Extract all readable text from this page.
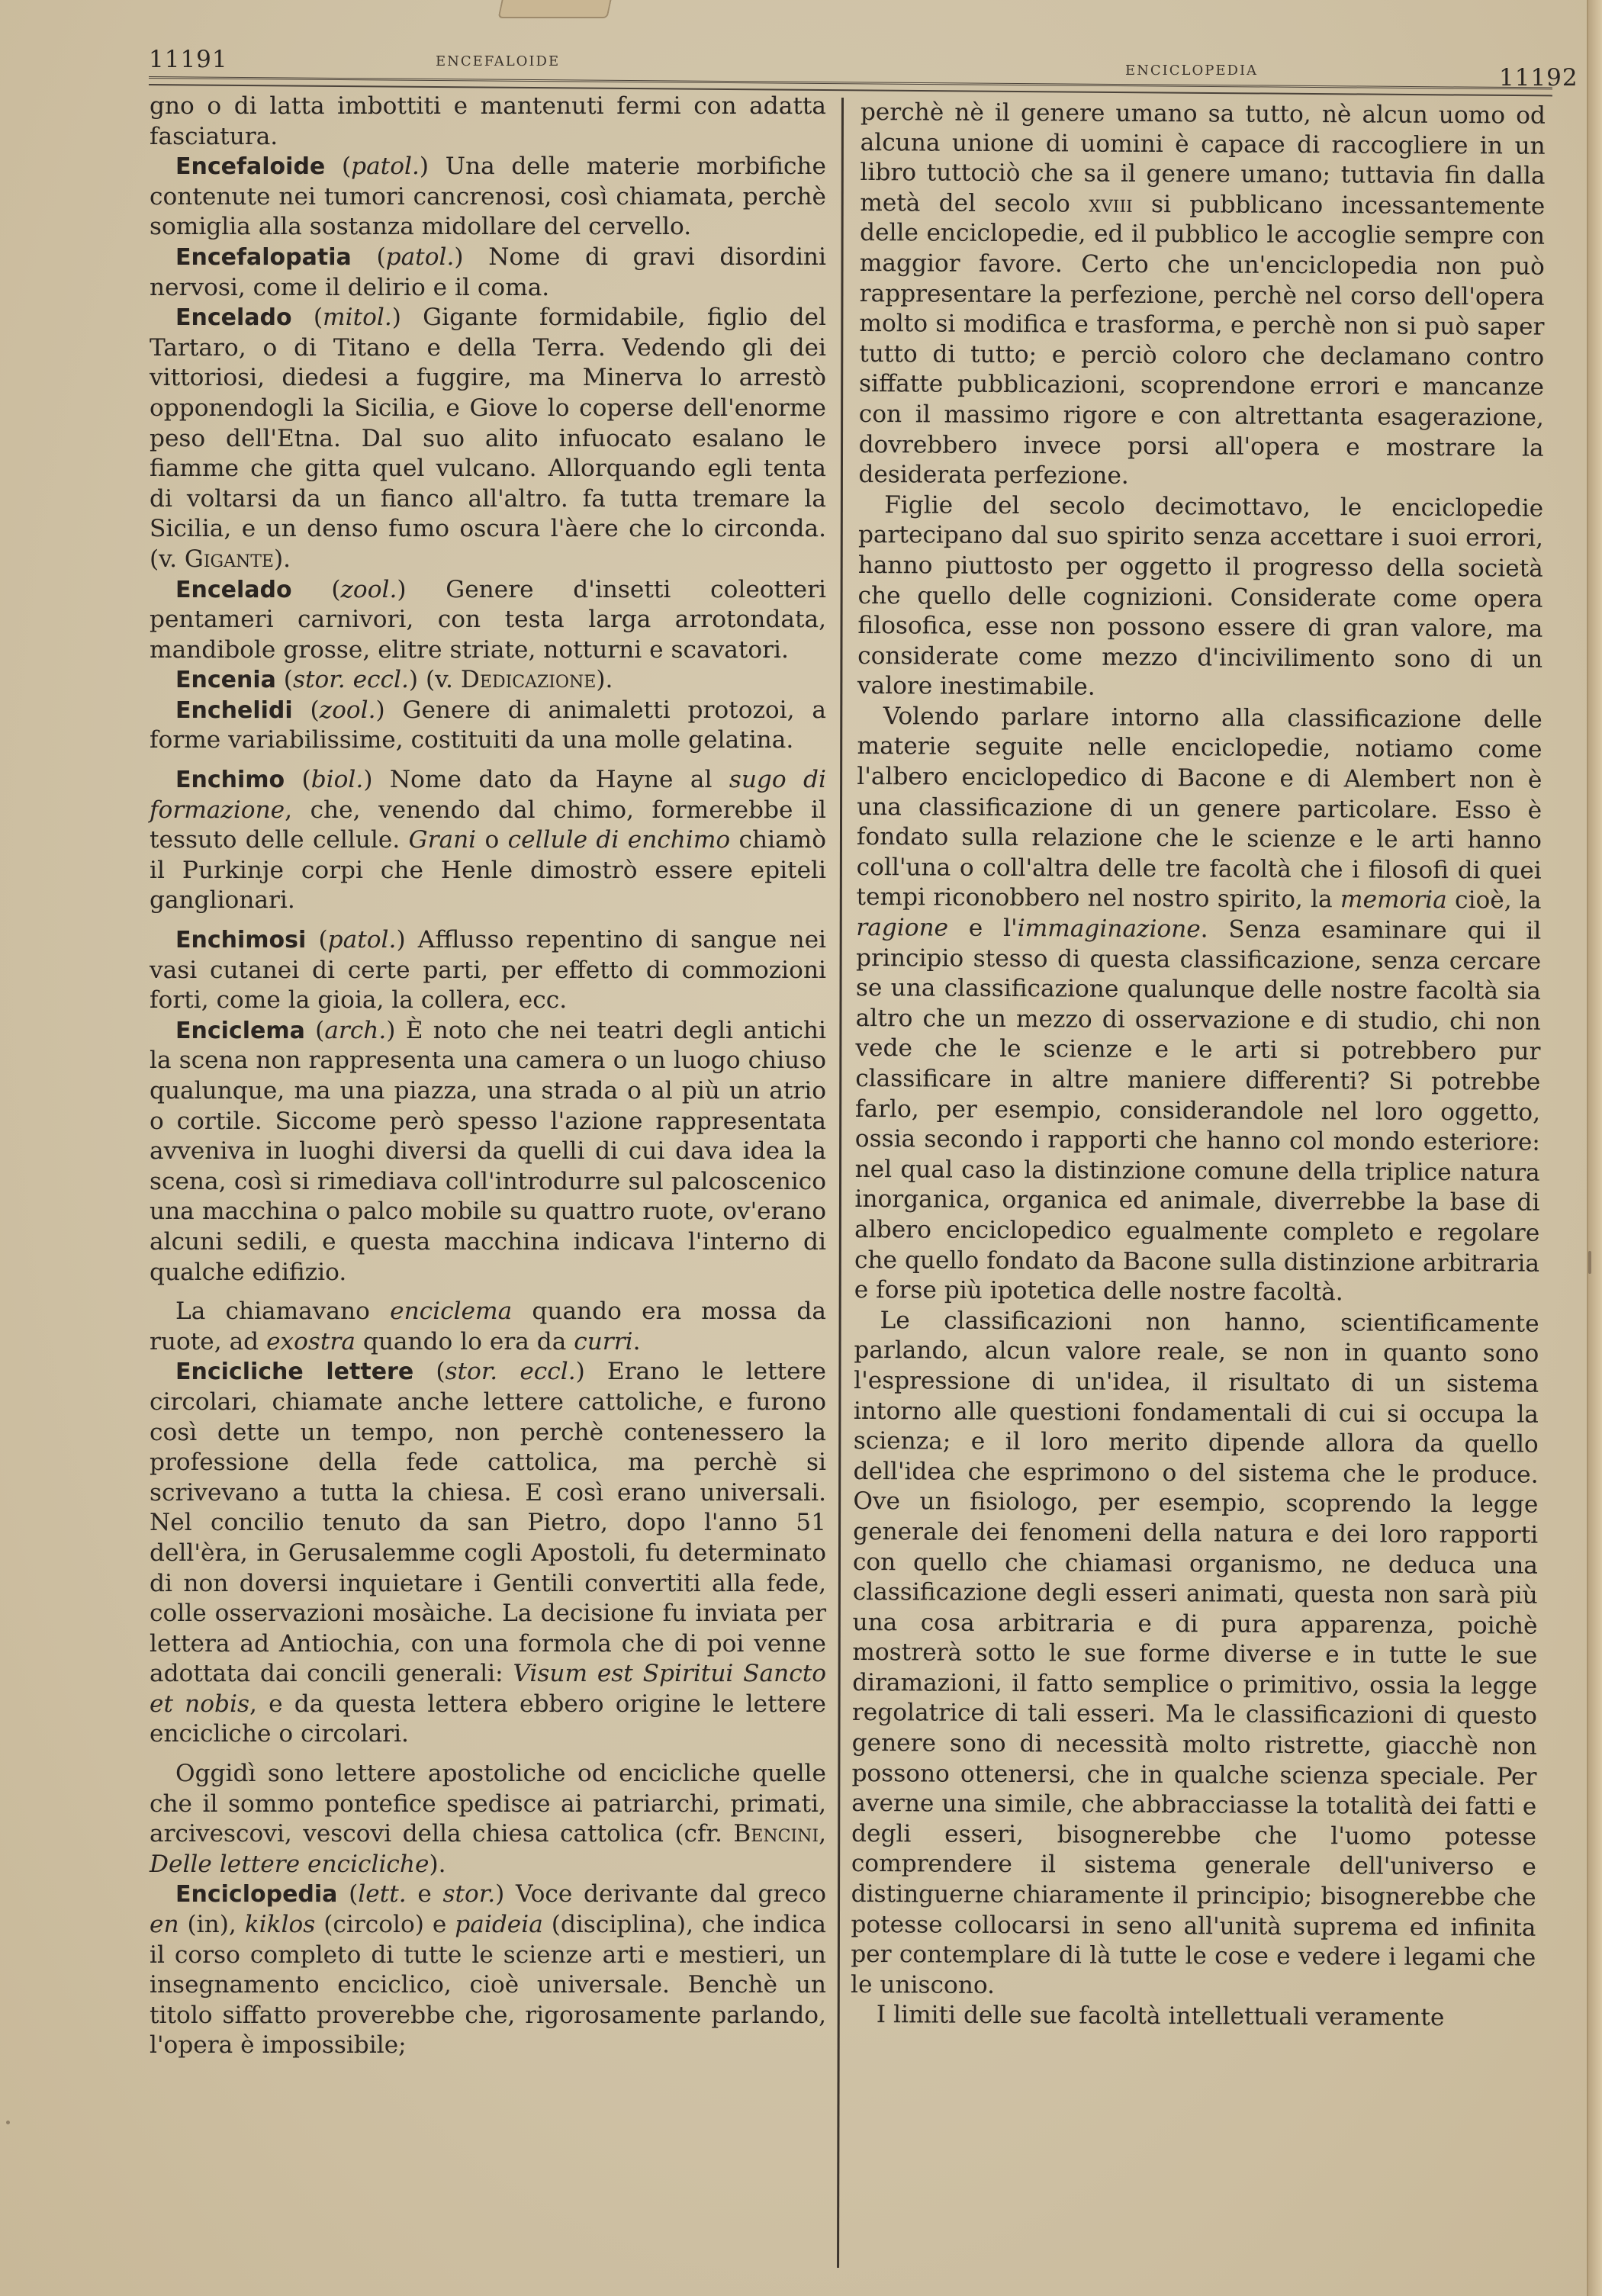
11191	ENCEFALOIDE
ENCICLOPEDIA	11192

gno o di latta imbottiti e mantenuti fermi con adatta fasciatura.

Encefaloide (patol.) Una delle materie morbifiche contenute nei tumori cancrenosi, così chiamata, perchè somiglia alla sostanza midollare del cervello.

Encefalopatia (patol.) Nome di gravi disordini nervosi, come il delirio e il coma.

Encelado (mitol.) Gigante formidabile, figlio del Tartaro, o di Titano e della Terra. Vedendo gli dei vittoriosi, diedesi a fuggire, ma Minerva lo arrestò opponendogli la Sicilia, e Giove lo coperse dell'enorme peso dell'Etna. Dal suo alito infuocato esalano le fiamme che gitta quel vulcano. Allorquando egli tenta di voltarsi da un fianco all'altro. fa tutta tremare la Sicilia, e un denso fumo oscura l'àere che lo circonda. (v. Gigante).

Encelado (zool.) Genere d'insetti coleotteri pentameri carnivori, con testa larga arrotondata, mandibole grosse, elitre striate, notturni e scavatori.

Encenia (stor. eccl.) (v. Dedicazione).

Enchelidi (zool.) Genere di animaletti protozoi, a forme variabilissime, costituiti da una molle gelatina.

Enchimo (biol.) Nome dato da Hayne al sugo di formazione, che, venendo dal chimo, formerebbe il tessuto delle cellule. Grani o cellule di enchimo chiamò il Purkinje corpi che Henle dimostrò essere epiteli ganglionari.

Enchimosi (patol.) Afflusso repentino di sangue nei vasi cutanei di certe parti, per effetto di commozioni forti, come la gioia, la collera, ecc.

Enciclema (arch.) È noto che nei teatri degli antichi la scena non rappresenta una camera o un luogo chiuso qualunque, ma una piazza, una strada o al più un atrio o cortile. Siccome però spesso l'azione rappresentata avveniva in luoghi diversi da quelli di cui dava idea la scena, così si rimediava coll'introdurre sul palcoscenico una macchina o palco mobile su quattro ruote, ov'erano alcuni sedili, e questa macchina indicava l'interno di qualche edifizio.

La chiamavano enciclema quando era mossa da ruote, ad exostra quando lo era da curri.

Encicliche lettere (stor. eccl.) Erano le lettere circolari, chiamate anche lettere cattoliche, e furono così dette un tempo, non perchè contenessero la professione della fede cattolica, ma perchè si scrivevano a tutta la chiesa. E così erano universali. Nel concilio tenuto da san Pietro, dopo l'anno 51 dell'èra, in Gerusalemme cogli Apostoli, fu determinato di non doversi inquietare i Gentili convertiti alla fede, colle osservazioni mosàiche. La decisione fu inviata per lettera ad Antiochia, con una formola che di poi venne adottata dai concili generali: Visum est Spiritui Sancto et nobis, e da questa lettera ebbero origine le lettere encicliche o circolari.

Oggidì sono lettere apostoliche od encicliche quelle che il sommo pontefice spedisce ai patriarchi, primati, arcivescovi, vescovi della chiesa cattolica (cfr. Bencini, Delle lettere encicliche).

Enciclopedia (lett. e stor.) Voce derivante dal greco en (in), kiklos (circolo) e paideia (disciplina), che indica il corso completo di tutte le scienze arti e mestieri, un insegnamento enciclico, cioè universale. Benchè un titolo siffatto proverebbe che, rigorosamente parlando, l'opera è impossibile;

perchè nè il genere umano sa tutto, nè alcun uomo od alcuna unione di uomini è capace di raccogliere in un libro tuttociò che sa il genere umano; tuttavia fin dalla metà del secolo xviii si pubblicano incessantemente delle enciclopedie, ed il pubblico le accoglie sempre con maggior favore. Certo che un'enciclopedia non può rappresentare la perfezione, perchè nel corso dell'opera molto si modifica e trasforma, e perchè non si può saper tutto di tutto; e perciò coloro che declamano contro siffatte pubblicazioni, scoprendone errori e mancanze con il massimo rigore e con altrettanta esagerazione, dovrebbero invece porsi all'opera e mostrare la desiderata perfezione.

Figlie del secolo decimottavo, le enciclopedie partecipano dal suo spirito senza accettare i suoi errori, hanno piuttosto per oggetto il progresso della società che quello delle cognizioni. Considerate come opera filosofica, esse non possono essere di gran valore, ma considerate come mezzo d'incivilimento sono di un valore inestimabile.

Volendo parlare intorno alla classificazione delle materie seguite nelle enciclopedie, notiamo come l'albero enciclopedico di Bacone e di Alembert non è una classificazione di un genere particolare. Esso è fondato sulla relazione che le scienze e le arti hanno coll'una o coll'altra delle tre facoltà che i filosofi di quei tempi riconobbero nel nostro spirito, la memoria cioè, la ragione e l'immaginazione. Senza esaminare qui il principio stesso di questa classificazione, senza cercare se una classificazione qualunque delle nostre facoltà sia altro che un mezzo di osservazione e di studio, chi non vede che le scienze e le arti si potrebbero pur classificare in altre maniere differenti? Si potrebbe farlo, per esempio, considerandole nel loro oggetto, ossia secondo i rapporti che hanno col mondo esteriore: nel qual caso la distinzione comune della triplice natura inorganica, organica ed animale, diverrebbe la base di albero enciclopedico egualmente completo e regolare che quello fondato da Bacone sulla distinzione arbitraria e forse più ipotetica delle nostre facoltà.

Le classificazioni non hanno, scientificamente parlando, alcun valore reale, se non in quanto sono l'espressione di un'idea, il risultato di un sistema intorno alle questioni fondamentali di cui si occupa la scienza; e il loro merito dipende allora da quello dell'idea che esprimono o del sistema che le produce. Ove un fisiologo, per esempio, scoprendo la legge generale dei fenomeni della natura e dei loro rapporti con quello che chiamasi organismo, ne deduca una classificazione degli esseri animati, questa non sarà più una cosa arbitraria e di pura apparenza, poichè mostrerà sotto le sue forme diverse e in tutte le sue diramazioni, il fatto semplice o primitivo, ossia la legge regolatrice di tali esseri. Ma le classificazioni di questo genere sono di necessità molto ristrette, giacchè non possono ottenersi, che in qualche scienza speciale. Per averne una simile, che abbracciasse la totalità dei fatti e degli esseri, bisognerebbe che l'uomo potesse comprendere il sistema generale dell'universo e distinguerne chiaramente il principio; bisognerebbe che potesse collocarsi in seno all'unità suprema ed infinita per contemplare di là tutte le cose e vedere i legami che le uniscono.

I limiti delle sue facoltà intellettuali veramente
